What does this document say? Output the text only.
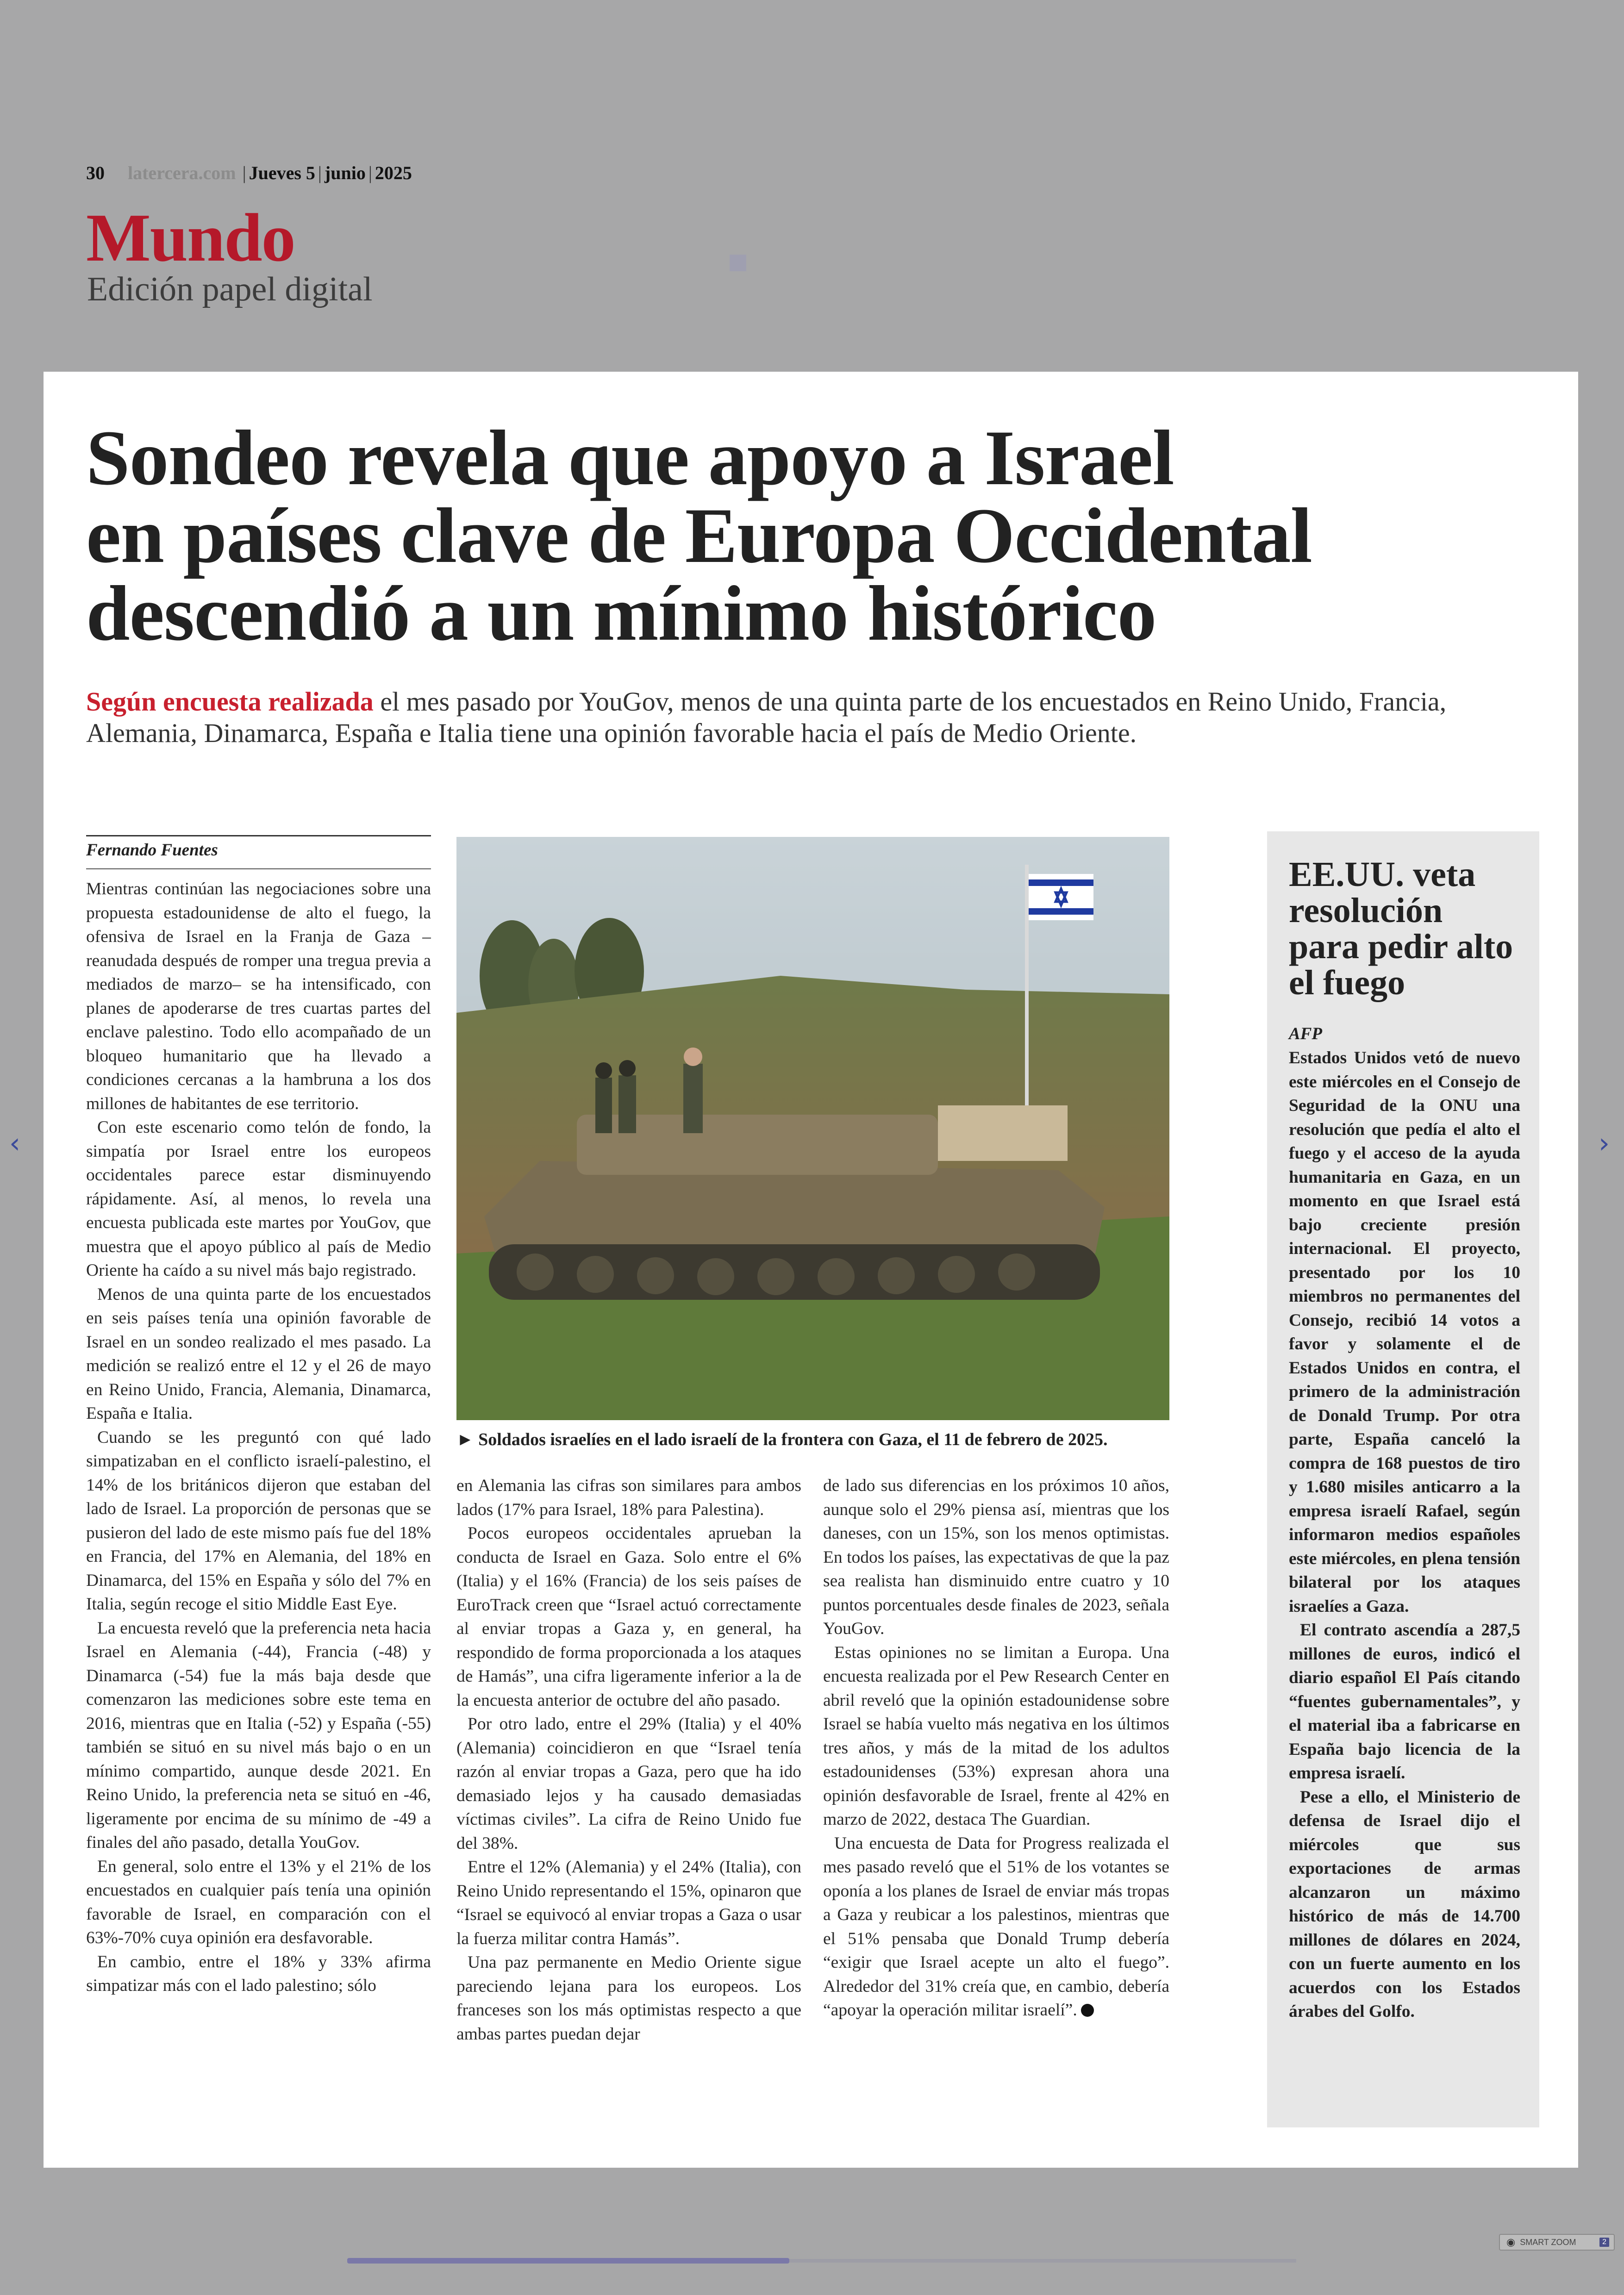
30 latercera.com | Jueves 5 | junio | 2025
Mundo
Edición papel digital
Sondeo revela que apoyo a Israel
en países clave de Europa Occidental
descendió a un mínimo histórico
Según encuesta realizada el mes pasado por YouGov, menos de una quinta parte de los encuestados en Reino Unido, Francia, Alemania, Dinamarca, España e Italia tiene una opinión favorable hacia el país de Medio Oriente.
Fernando Fuentes

Mientras continúan las negociaciones sobre una propuesta estadounidense de alto el fuego, la ofensiva de Israel en la Franja de Gaza –reanudada después de romper una tregua previa a mediados de marzo– se ha intensificado, con planes de apoderarse de tres cuartas partes del enclave palestino. Todo ello acompañado de un bloqueo humanitario que ha llevado a condiciones cercanas a la hambruna a los dos millones de habitantes de ese territorio.

Con este escenario como telón de fondo, la simpatía por Israel entre los europeos occidentales parece estar disminuyendo rápidamente. Así, al menos, lo revela una encuesta publicada este martes por YouGov, que muestra que el apoyo público al país de Medio Oriente ha caído a su nivel más bajo registrado.

Menos de una quinta parte de los encuestados en seis países tenía una opinión favorable de Israel en un sondeo realizado el mes pasado. La medición se realizó entre el 12 y el 26 de mayo en Reino Unido, Francia, Alemania, Dinamarca, España e Italia.

Cuando se les preguntó con qué lado simpatizaban en el conflicto israelí-palestino, el 14% de los británicos dijeron que estaban del lado de Israel. La proporción de personas que se pusieron del lado de este mismo país fue del 18% en Francia, del 17% en Alemania, del 18% en Dinamarca, del 15% en España y sólo del 7% en Italia, según recoge el sitio Middle East Eye.

La encuesta reveló que la preferencia neta hacia Israel en Alemania (-44), Francia (-48) y Dinamarca (-54) fue la más baja desde que comenzaron las mediciones sobre este tema en 2016, mientras que en Italia (-52) y España (-55) también se situó en su nivel más bajo o en un mínimo compartido, aunque desde 2021. En Reino Unido, la preferencia neta se situó en -46, ligeramente por encima de su mínimo de -49 a finales del año pasado, detalla YouGov.

En general, solo entre el 13% y el 21% de los encuestados en cualquier país tenía una opinión favorable de Israel, en comparación con el 63%-70% cuya opinión era desfavorable.

En cambio, entre el 18% y 33% afirma simpatizar más con el lado palestino; sólo

► Soldados israelíes en el lado israelí de la frontera con Gaza, el 11 de febrero de 2025.

en Alemania las cifras son similares para ambos lados (17% para Israel, 18% para Palestina).

Pocos europeos occidentales aprueban la conducta de Israel en Gaza. Solo entre el 6% (Italia) y el 16% (Francia) de los seis países de EuroTrack creen que “Israel actuó correctamente al enviar tropas a Gaza y, en general, ha respondido de forma proporcionada a los ataques de Hamás”, una cifra ligeramente inferior a la de la encuesta anterior de octubre del año pasado.

Por otro lado, entre el 29% (Italia) y el 40% (Alemania) coincidieron en que “Israel tenía razón al enviar tropas a Gaza, pero que ha ido demasiado lejos y ha causado demasiadas víctimas civiles”. La cifra de Reino Unido fue del 38%.

Entre el 12% (Alemania) y el 24% (Italia), con Reino Unido representando el 15%, opinaron que “Israel se equivocó al enviar tropas a Gaza o usar la fuerza militar contra Hamás”.

Una paz permanente en Medio Oriente sigue pareciendo lejana para los europeos. Los franceses son los más optimistas respecto a que ambas partes puedan dejar

de lado sus diferencias en los próximos 10 años, aunque solo el 29% piensa así, mientras que los daneses, con un 15%, son los menos optimistas. En todos los países, las expectativas de que la paz sea realista han disminuido entre cuatro y 10 puntos porcentuales desde finales de 2023, señala YouGov.

Estas opiniones no se limitan a Europa. Una encuesta realizada por el Pew Research Center en abril reveló que la opinión estadounidense sobre Israel se había vuelto más negativa en los últimos tres años, y más de la mitad de los adultos estadounidenses (53%) expresan ahora una opinión desfavorable de Israel, frente al 42% en marzo de 2022, destaca The Guardian.

Una encuesta de Data for Progress realizada el mes pasado reveló que el 51% de los votantes se oponía a los planes de Israel de enviar más tropas a Gaza y reubicar a los palestinos, mientras que el 51% pensaba que Donald Trump debería “exigir que Israel acepte un alto el fuego”. Alrededor del 31% creía que, en cambio, debería “apoyar la operación militar israelí”.

EE.UU. veta resolución para pedir alto el fuego
AFP

Estados Unidos vetó de nuevo este miércoles en el Consejo de Seguridad de la ONU una resolución que pedía el alto el fuego y el acceso de la ayuda humanitaria en Gaza, en un momento en que Israel está bajo creciente presión internacional. El proyecto, presentado por los 10 miembros no permanentes del Consejo, recibió 14 votos a favor y solamente el de Estados Unidos en contra, el primero de la administración de Donald Trump. Por otra parte, España canceló la compra de 168 puestos de tiro y 1.680 misiles anticarro a la empresa israelí Rafael, según informaron medios españoles este miércoles, en plena tensión bilateral por los ataques israelíes a Gaza.

El contrato ascendía a 287,5 millones de euros, indicó el diario español El País citando “fuentes gubernamentales”, y el material iba a fabricarse en España bajo licencia de la empresa israelí.

Pese a ello, el Ministerio de defensa de Israel dijo el miércoles que sus exportaciones de armas alcanzaron un máximo histórico de más de 14.700 millones de dólares en 2024, con un fuerte aumento en los acuerdos con los Estados árabes del Golfo.

‹	›
◉ SMART ZOOM	2
